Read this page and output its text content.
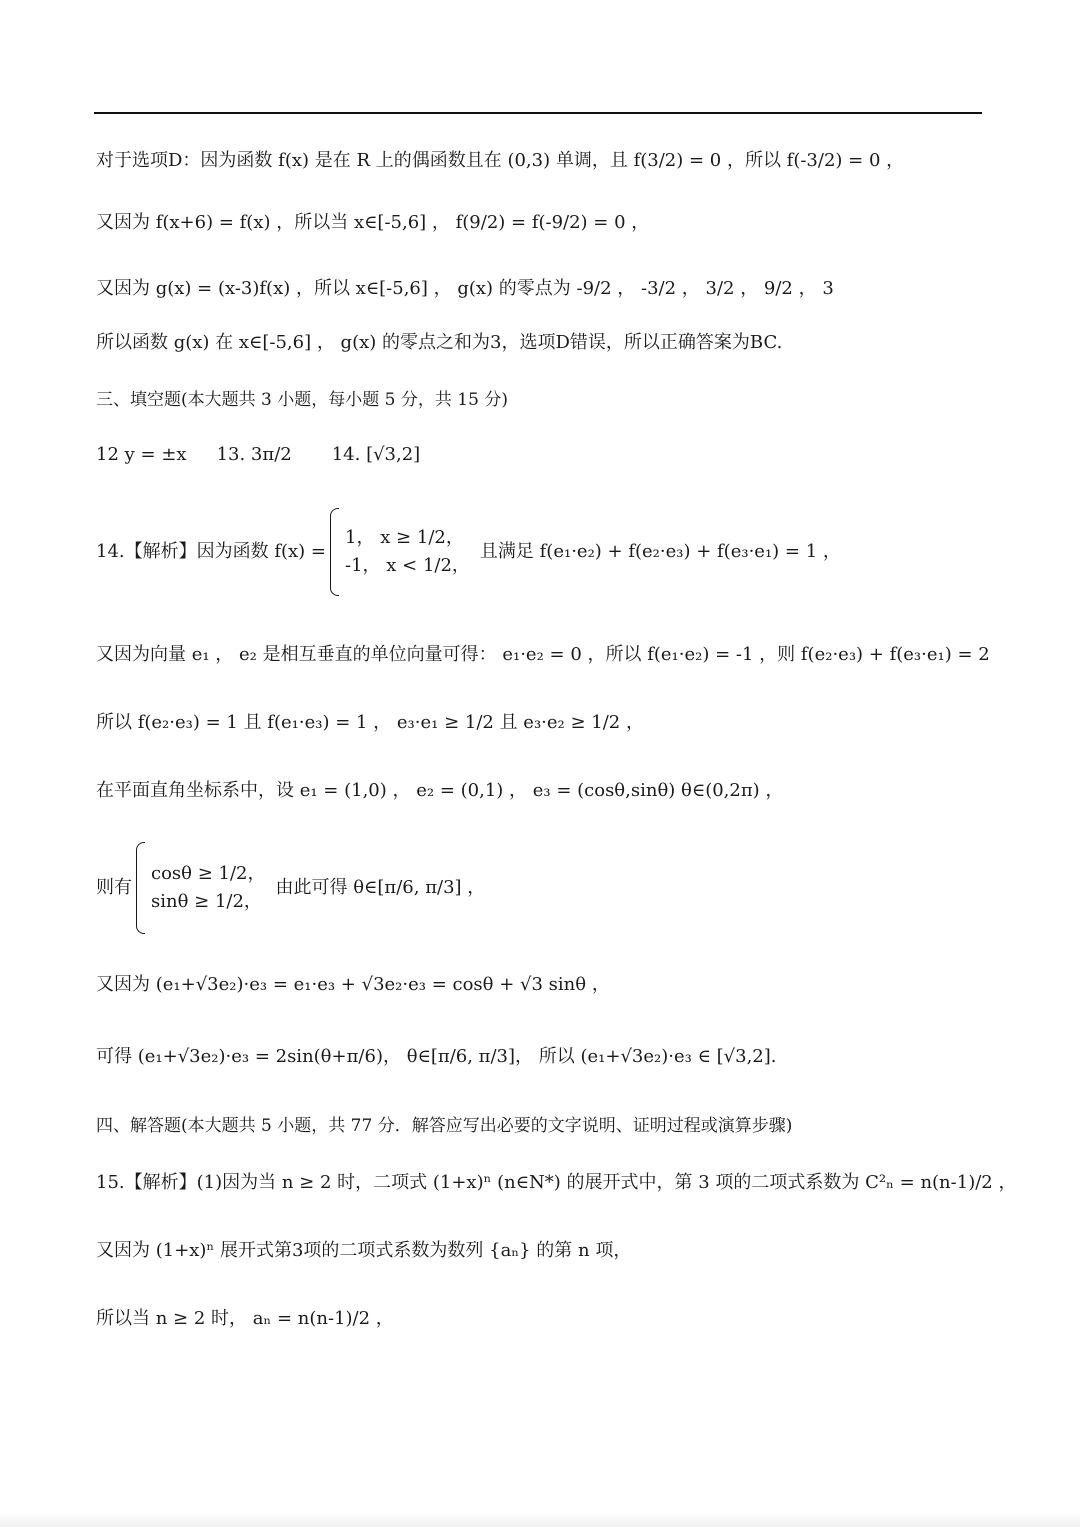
对于选项D：因为函数 f(x) 是在 R 上的偶函数且在 (0,3) 单调，且 f(3/2) = 0 ，所以 f(-3/2) = 0 ，
又因为 f(x+6) = f(x) ，所以当 x∈[-5,6] ， f(9/2) = f(-9/2) = 0 ，
又因为 g(x) = (x-3)f(x) ，所以 x∈[-5,6] ， g(x) 的零点为 -9/2 ， -3/2 ， 3/2 ， 9/2 ， 3
所以函数 g(x) 在 x∈[-5,6] ， g(x) 的零点之和为3，选项D错误，所以正确答案为BC.
三、填空题(本大题共 3 小题，每小题 5 分，共 15 分)
12 y = ±x 13. 3π/2 14. [√3,2]
14.【解析】因为函数 f(x) =
1， x ≥ 1/2，
-1， x < 1/2，
且满足 f(e₁·e₂) + f(e₂·e₃) + f(e₃·e₁) = 1 ，
又因为向量 e₁ ， e₂ 是相互垂直的单位向量可得： e₁·e₂ = 0 ，所以 f(e₁·e₂) = -1 ，则 f(e₂·e₃) + f(e₃·e₁) = 2
所以 f(e₂·e₃) = 1 且 f(e₁·e₃) = 1 ， e₃·e₁ ≥ 1/2 且 e₃·e₂ ≥ 1/2 ，
在平面直角坐标系中，设 e₁ = (1,0) ， e₂ = (0,1) ， e₃ = (cosθ,sinθ) θ∈(0,2π) ，
则有
cosθ ≥ 1/2，
sinθ ≥ 1/2，
由此可得 θ∈[π/6, π/3] ，
又因为 (e₁+√3e₂)·e₃ = e₁·e₃ + √3e₂·e₃ = cosθ + √3 sinθ ，
可得 (e₁+√3e₂)·e₃ = 2sin(θ+π/6)， θ∈[π/6, π/3]， 所以 (e₁+√3e₂)·e₃ ∈ [√3,2].
四、解答题(本大题共 5 小题，共 77 分．解答应写出必要的文字说明、证明过程或演算步骤)
15.【解析】(1)因为当 n ≥ 2 时，二项式 (1+x)ⁿ (n∈N*) 的展开式中，第 3 项的二项式系数为 C²ₙ = n(n-1)/2 ，
又因为 (1+x)ⁿ 展开式第3项的二项式系数为数列 {aₙ} 的第 n 项，
所以当 n ≥ 2 时， aₙ = n(n-1)/2 ，
